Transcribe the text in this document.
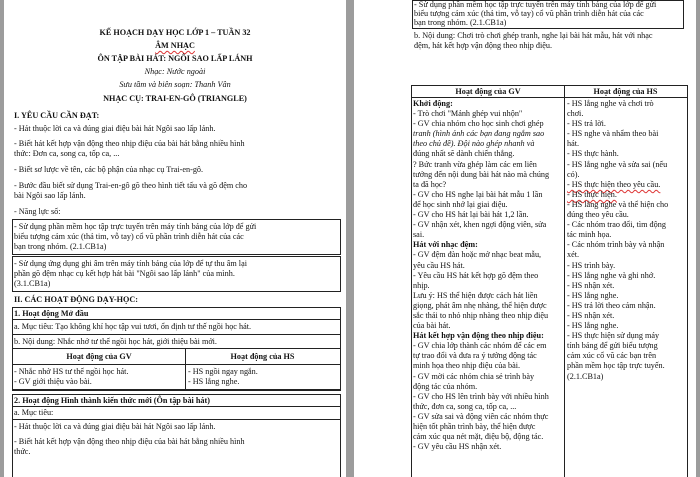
KẾ HOẠCH DẠY HỌC LỚP 1 – TUẦN 32
ÂM NHẠC
ÔN TẬP BÀI HÁT: NGÔI SAO LẤP LÁNH
Nhạc: Nước ngoài
Sưu tầm và biên soạn: Thanh Vân
NHẠC CỤ: TRAI-EN-GÔ (TRIANGLE)
I. YÊU CẦU CẦN ĐẠT:
- Hát thuộc lời ca và đúng giai điệu bài hát Ngôi sao lấp lánh.
- Biết hát kết hợp vận động theo nhịp điệu của bài hát bằng nhiều hình
thức: Đơn ca, song ca, tốp ca, ...
- Biết sơ lược về tên, các bộ phận của nhạc cụ Trai-en-gô.
- Bước đầu biết sử dụng Trai-en-gô gõ theo hình tiết tấu và gõ đệm cho
bài Ngôi sao lấp lánh.
- Năng lực số:
- Sử dụng phần mềm học tập trực tuyến trên máy tính bảng của lớp để gửi
biểu tượng cảm xúc (thả tim, vỗ tay) cổ vũ phần trình diễn hát của các
bạn trong nhóm. (2.1.CB1a)
- Sử dụng ứng dụng ghi âm trên máy tính bảng của lớp để tự thu âm lại
phần gõ đệm nhạc cụ kết hợp hát bài "Ngôi sao lấp lánh" của mình.
(3.1.CB1a)
II. CÁC HOẠT ĐỘNG DẠY-HỌC:
1. Hoạt động Mở đầu
a. Mục tiêu: Tạo không khí học tập vui tươi, ổn định tư thế ngồi học hát.
b. Nội dung: Nhắc nhở tư thế ngồi học hát, giới thiệu bài mới.
Hoạt động của GV	Hoạt động của HS
- Nhắc nhở HS tư thế ngồi học hát.
- GV giới thiệu vào bài.
- HS ngồi ngay ngắn.
- HS lắng nghe.
2. Hoạt động Hình thành kiến thức mới (Ôn tập bài hát)
a. Mục tiêu:
- Hát thuộc lời ca và đúng giai điệu bài hát Ngôi sao lấp lánh.
- Biết hát kết hợp vận động theo nhịp điệu của bài hát bằng nhiều hình
thức.
- Sử dụng phần mềm học tập trực tuyến trên máy tính bảng của lớp để gửi
biểu tượng cảm xúc (thả tim, vỗ tay) cổ vũ phần trình diễn hát của các
bạn trong nhóm. (2.1.CB1a)
b. Nội dung: Chơi trò chơi ghép tranh, nghe lại bài hát mẫu, hát với nhạc
đệm, hát kết hợp vận động theo nhịp điệu.
Hoạt động của GV	Hoạt động của HS
Khởi động:
- Trò chơi "Mảnh ghép vui nhộn"
- GV chia nhóm cho học sinh chơi ghép
tranh (hình ảnh các bạn đang ngắm sao
theo chủ đề). Đội nào ghép nhanh và
đúng nhất sẽ dành chiến thắng.
? Bức tranh vừa ghép làm các em liên
tưởng đến nội dung bài hát nào mà chúng
ta đã học?
- GV cho HS nghe lại bài hát mẫu 1 lần
để học sinh nhớ lại giai điệu.
- GV cho HS hát lại bài hát 1,2 lần.
- GV nhận xét, khen ngợi động viên, sửa
sai.
Hát với nhạc đệm:
- GV đệm đàn hoặc mở nhạc beat mẫu,
yêu cầu HS hát.
- Yêu cầu HS hát kết hợp gõ đệm theo
nhịp.
Lưu ý: HS thể hiện được cách hát liền
giọng, phát âm nhẹ nhàng, thể hiện được
sắc thái to nhỏ nhịp nhàng theo nhịp điệu
của bài hát.
Hát kết hợp vận động theo nhịp điệu:
- GV chia lớp thành các nhóm để các em
tự trao đổi và đưa ra ý tưởng động tác
minh họa theo nhịp điệu của bài.
- GV mời các nhóm chia sẻ trình bày
động tác của nhóm.
- GV cho HS lên trình bày với nhiều hình
thức, đơn ca, song ca, tốp ca, ...
- GV sửa sai và động viên các nhóm thực
hiện tốt phần trình bày, thể hiện được
cảm xúc qua nét mặt, điệu bộ, động tác.
- GV yêu cầu HS nhận xét.
- HS lắng nghe và chơi trò
chơi.
- HS trả lời.
- HS nghe và nhẩm theo bài
hát.
- HS thực hành.
- HS lắng nghe và sửa sai (nếu
có).
- HS thực hiện theo yêu cầu.
- HS thực hiện.
- HS lắng nghe và thể hiện cho
đúng theo yêu cầu.
- Các nhóm trao đổi, tìm động
tác minh họa.
- Các nhóm trình bày và nhận
xét.
- HS trình bày.
- HS lắng nghe và ghi nhớ.
- HS nhận xét.
- HS lắng nghe.
- HS trả lời theo cảm nhận.
- HS nhận xét.
- HS lắng nghe.
- HS thực hiện sử dụng máy
tính bảng để gửi biểu tượng
cảm xúc cổ vũ các bạn trên
phần mềm học tập trực tuyến.
(2.1.CB1a)
